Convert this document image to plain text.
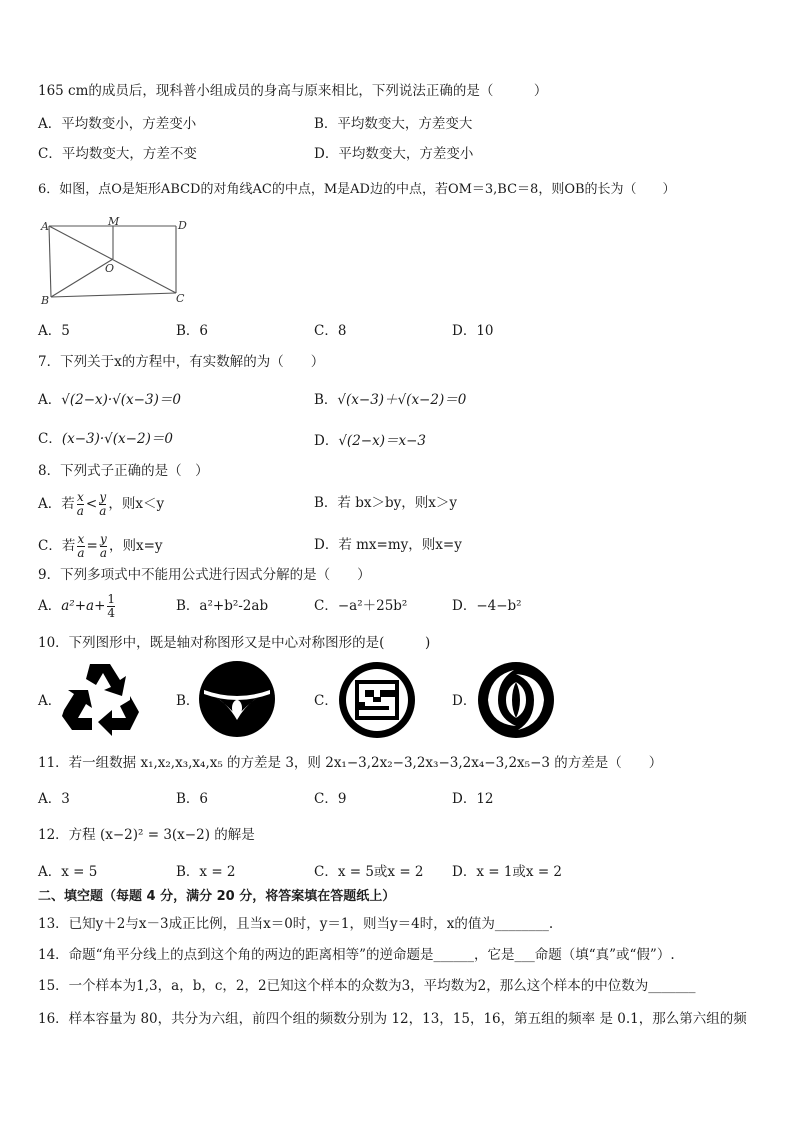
165 cm的成员后，现科普小组成员的身高与原来相比，下列说法正确的是（　　　）
A．平均数变小，方差变小	B．平均数变大，方差变大
C．平均数变大，方差不变	D．平均数变大，方差变小
6．如图，点O是矩形ABCD的对角线AC的中点，M是AD边的中点，若OM＝3,BC＝8，则OB的长为（　　）
A	M	D
O
B	C
A．5	B．6	C．8	D．10
7．下列关于x的方程中，有实数解的为（　　）
A．√(2−x)·√(x−3)＝0	B．√(x−3)＋√(x−2)＝0
C．(x−3)·√(x−2)＝0	D．√(2−x)＝x−3
8．下列式子正确的是（　）
A．若 $\frac{x}{a} < \frac{y}{a}$ ，则x＜y	B．若 bx＞by，则x＞y
C．若 $\frac{x}{a} = \frac{y}{a}$ ，则x=y	D．若 mx=my，则x=y
9．下列多项式中不能用公式进行因式分解的是（　　）
A．$a^2+a+ \frac{1}{4}$	B．a²+b²-2ab	C．−a²＋25b²	D．−4−b²
10．下列图形中，既是轴对称图形又是中心对称图形的是(　　　)
A．	B．	C．	D．
11．若一组数据 x₁,x₂,x₃,x₄,x₅ 的方差是 3，则 2x₁−3,2x₂−3,2x₃−3,2x₄−3,2x₅−3 的方差是（　　）
A．3	B．6	C．9	D．12
12．方程 (x−2)² = 3(x−2) 的解是
A．x = 5	B．x = 2	C．x = 5或x = 2 D．x = 1或x = 2
二、填空题（每题 4 分，满分 20 分，将答案填在答题纸上）
13．已知y＋2与x－3成正比例，且当x＝0时，y＝1，则当y＝4时，x的值为________.
14．命题“角平分线上的点到这个角的两边的距离相等”的逆命题是______，它是___命题（填“真”或“假”）.
15．一个样本为1,3，a，b，c，2，2已知这个样本的众数为3，平均数为2，那么这个样本的中位数为_______
16．样本容量为 80，共分为六组，前四个组的频数分别为 12，13，15，16，第五组的频率 是 0.1，那么第六组的频
